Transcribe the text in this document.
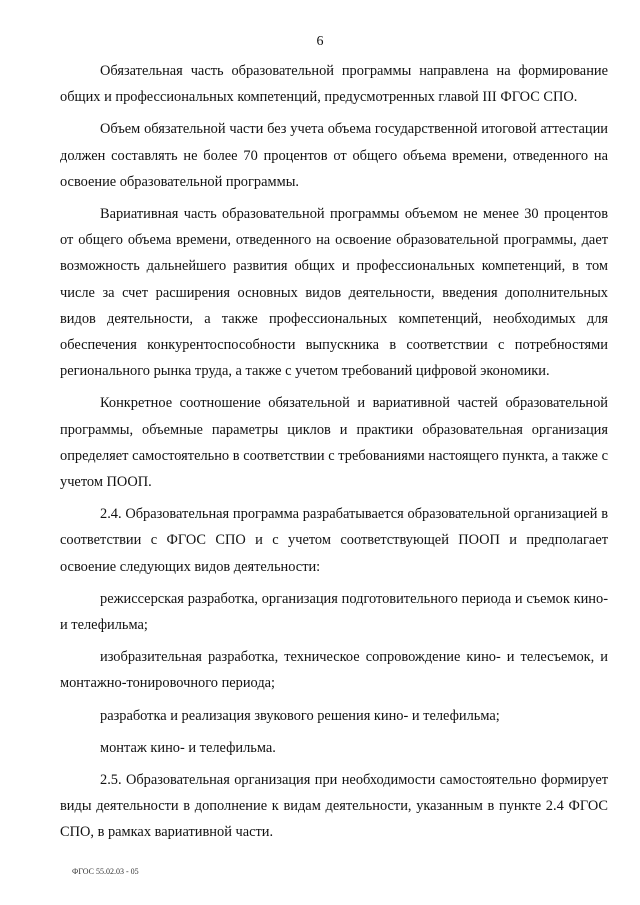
6

Обязательная часть образовательной программы направлена на формирование общих и профессиональных компетенций, предусмотренных главой III ФГОС СПО.

Объем обязательной части без учета объема государственной итоговой аттестации должен составлять не более 70 процентов от общего объема времени, отведенного на освоение образовательной программы.

Вариативная часть образовательной программы объемом не менее 30 процентов от общего объема времени, отведенного на освоение образовательной программы, дает возможность дальнейшего развития общих и профессиональных компетенций, в том числе за счет расширения основных видов деятельности, введения дополнительных видов деятельности, а также профессиональных компетенций, необходимых для обеспечения конкурентоспособности выпускника в соответствии с потребностями регионального рынка труда, а также с учетом требований цифровой экономики.

Конкретное соотношение обязательной и вариативной частей образовательной программы, объемные параметры циклов и практики образовательная организация определяет самостоятельно в соответствии с требованиями настоящего пункта, а также с учетом ПООП.

2.4. Образовательная программа разрабатывается образовательной организацией в соответствии с ФГОС СПО и с учетом соответствующей ПООП и предполагает освоение следующих видов деятельности:

режиссерская разработка, организация подготовительного периода и съемок кино- и телефильма;

изобразительная разработка, техническое сопровождение кино- и телесъемок, и монтажно-тонировочного периода;

разработка и реализация звукового решения кино- и телефильма;

монтаж кино- и телефильма.

2.5. Образовательная организация при необходимости самостоятельно формирует виды деятельности в дополнение к видам деятельности, указанным в пункте 2.4 ФГОС СПО, в рамках вариативной части.

ФГОС 55.02.03 - 05
